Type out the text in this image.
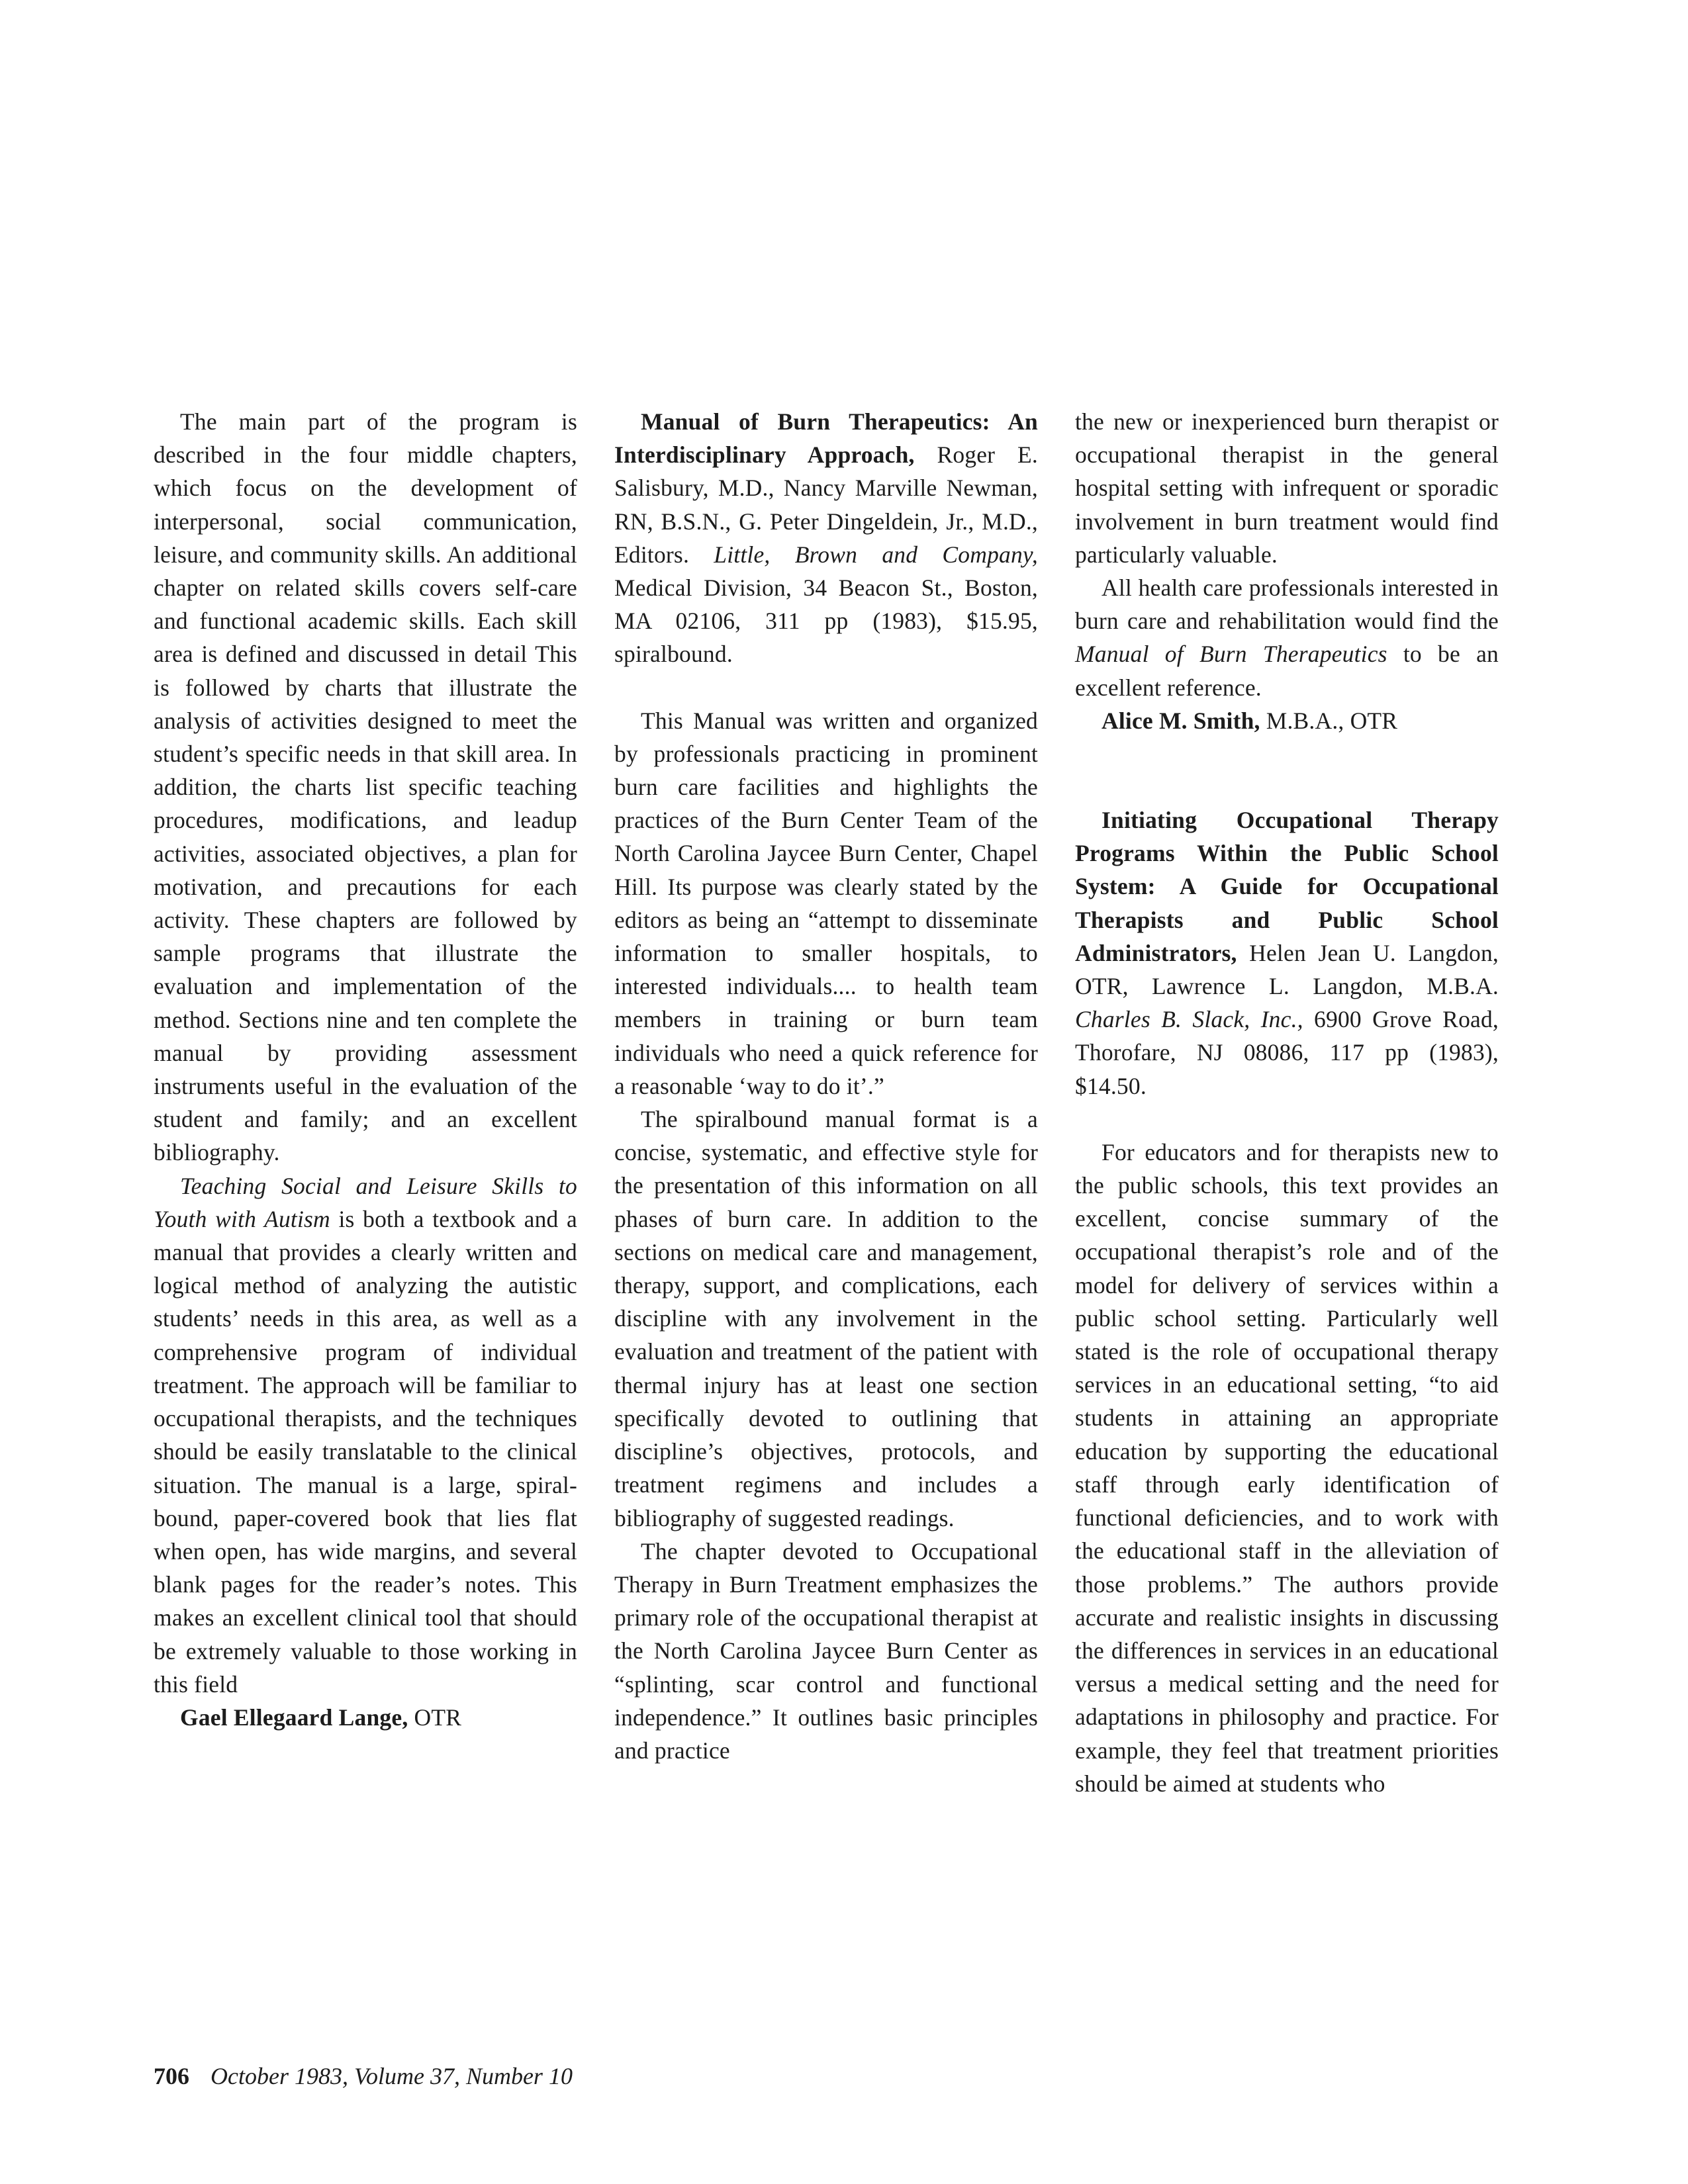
The main part of the program is described in the four middle chapters, which focus on the development of interpersonal, social communication, leisure, and community skills. An additional chapter on related skills covers self-care and functional academic skills. Each skill area is defined and discussed in detail This is followed by charts that illustrate the analysis of activities designed to meet the student’s specific needs in that skill area. In addition, the charts list specific teaching procedures, modifications, and leadup activities, associated objectives, a plan for motivation, and precautions for each activity. These chapters are followed by sample programs that illustrate the evaluation and implementation of the method. Sections nine and ten complete the manual by providing assessment instruments useful in the evaluation of the student and family; and an excellent bibliography.

Teaching Social and Leisure Skills to Youth with Autism is both a textbook and a manual that provides a clearly written and logical method of analyzing the autistic students’ needs in this area, as well as a comprehensive program of individual treatment. The approach will be familiar to occupational therapists, and the techniques should be easily translatable to the clinical situation. The manual is a large, spiral-bound, paper-covered book that lies flat when open, has wide margins, and several blank pages for the reader’s notes. This makes an excellent clinical tool that should be extremely valuable to those working in this field

Gael Ellegaard Lange, OTR

Manual of Burn Therapeutics: An Interdisciplinary Approach, Roger E. Salisbury, M.D., Nancy Marville Newman, RN, B.S.N., G. Peter Dingeldein, Jr., M.D., Editors. Little, Brown and Company, Medical Division, 34 Beacon St., Boston, MA 02106, 311 pp (1983), $15.95, spiralbound.

This Manual was written and organized by professionals practicing in prominent burn care facilities and highlights the practices of the Burn Center Team of the North Carolina Jaycee Burn Center, Chapel Hill. Its purpose was clearly stated by the editors as being an “attempt to disseminate information to smaller hospitals, to interested individuals.... to health team members in training or burn team individuals who need a quick reference for a reasonable ‘way to do it’.”

The spiralbound manual format is a concise, systematic, and effective style for the presentation of this information on all phases of burn care. In addition to the sections on medical care and management, therapy, support, and complications, each discipline with any involvement in the evaluation and treatment of the patient with thermal injury has at least one section specifically devoted to outlining that discipline’s objectives, protocols, and treatment regimens and includes a bibliography of suggested readings.

The chapter devoted to Occupational Therapy in Burn Treatment emphasizes the primary role of the occupational therapist at the North Carolina Jaycee Burn Center as “splinting, scar control and functional independence.” It outlines basic principles and practice

the new or inexperienced burn therapist or occupational therapist in the general hospital setting with infrequent or sporadic involvement in burn treatment would find particularly valuable.

All health care professionals interested in burn care and rehabilitation would find the Manual of Burn Therapeutics to be an excellent reference.

Alice M. Smith, M.B.A., OTR

Initiating Occupational Therapy Programs Within the Public School System: A Guide for Occupational Therapists and Public School Administrators, Helen Jean U. Langdon, OTR, Lawrence L. Langdon, M.B.A. Charles B. Slack, Inc., 6900 Grove Road, Thorofare, NJ 08086, 117 pp (1983), $14.50.

For educators and for therapists new to the public schools, this text provides an excellent, concise summary of the occupational therapist’s role and of the model for delivery of services within a public school setting. Particularly well stated is the role of occupational therapy services in an educational setting, “to aid students in attaining an appropriate education by supporting the educational staff through early identification of functional deficiencies, and to work with the educational staff in the alleviation of those problems.” The authors provide accurate and realistic insights in discussing the differences in services in an educational versus a medical setting and the need for adaptations in philosophy and practice. For example, they feel that treatment priorities should be aimed at students who

706 October 1983, Volume 37, Number 10
